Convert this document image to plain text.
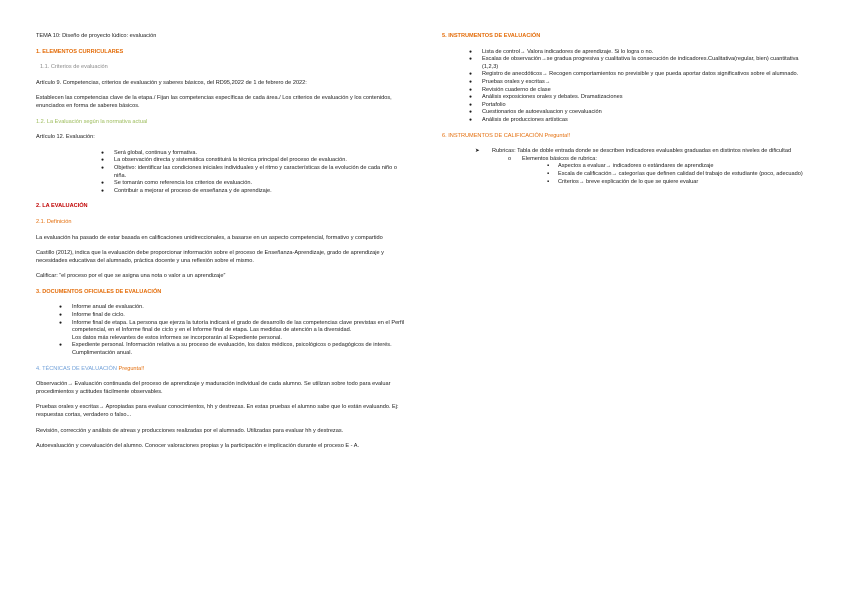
TEMA 10: Diseño de proyecto lúdico: evaluación

1. ELEMENTOS CURRICULARES

1.1. Criterios de evaluación

Artículo 9. Competencias, criterios de evaluación y saberes básicos, del RD95,2022 de 1 de febrero de 2022:

Establecen las competencias clave de la etapa./ Fijan las competencias específicas de cada área./ Los criterios de evaluación y los contenidos, enunciados en forma de saberes básicos.

1.2. La Evaluación según la normativa actual

Artículo 12. Evaluación:

● Será global, continua y formativa.
● La observación directa y sistemática constituirá la técnica principal del proceso de evaluación.
● Objetivo: identificar las condiciones iniciales individuales y el ritmo y características de la evolución de cada niño o niña.
● Se tomarán como referencia los criterios de evaluación.
● Contribuir a mejorar el proceso de enseñanza y de aprendizaje.

2. LA EVALUACIÓN

2.1. Definición

La evaluación ha pasado de estar basada en calificaciones unidireccionales, a basarse en un aspecto competencial, formativo y compartido

Castillo (2012), indica que la evaluación debe proporcionar información sobre el proceso de Enseñanza-Aprendizaje, grado de aprendizaje y necesidades educativas del alumnado, práctica docente y una reflexión sobre el mismo.

Calificar: “el proceso por el que se asigna una nota o valor a un aprendizaje”

3. DOCUMENTOS OFICIALES DE EVALUACIÓN

● Informe anual de evaluación.
● Informe final de ciclo.
● Informe final de etapa. La persona que ejerza la tutoría indicará el grado de desarrollo de las competencias clave previstas en el Perfil competencial, en el Informe final de ciclo y en el Informe final de etapa. Las medidas de atención a la diversidad.
Los datos más relevantes de estos informes se incorporarán al Expediente personal.
● Expediente personal. Información relativa a su proceso de evaluación, los datos médicos, psicológicos o pedagógicos de interés. Cumplimentación anual.

4. TÉCNICAS DE EVALUACIÓN Pregunta!!

Observación→ Evaluación continuada del proceso de aprendizaje y maduración individual de cada alumno. Se utilizan sobre todo para evaluar procedimientos y actitudes fácilmente observables.

Pruebas orales y escritas→ Apropiadas para evaluar conocimientos, hh y destrezas. En estas pruebas el alumno sabe que lo están evaluando. Ej: respuestas cortas, verdadero o falso...

Revisión, corrección y análisis de atreas y producciones realizadas por el alumnado. Utilizadas para evaluar hh y destrezas.

Autoevaluación y coevaluación del alumno. Conocer valoraciones propias y la participación e implicación durante el proceso E - A.

5. INSTRUMENTOS DE EVALUACIÓN

● Lista de control→ Valora indicadores de aprendizaje. Si lo logra o no.
● Escalas de observación→se gradua progresiva y cualitativa la consecución de indicadores.Cualitativa(regular, bien) cuantitativa (1,2,3)
● Registro de anecdóticos→ Recogen comportamientos no previsible y que pueda aportar datos significativos sobre el alumnado.
● Pruebas orales y escritas→
● Revisión cuaderno de clase
● Análisis exposiciones orales y debates. Dramatizaciones
● Portafolio
● Cuestionarios de autoevaluacion y coevaluación
● Análisis de producciones artísticas

6. INSTRUMENTOS DE CALIFICACIÓN Pregunta!!

➤ Rubricas: Tabla de doble entrada donde se describen indicadores evaluables graduadas en distintos niveles de dificultad
o Elementos básicos de rubrica:
▪ Aspectos a evaluar→ indicadores o estándares de aprendizaje
▪ Escala de calificación→ categorías que definen calidad del trabajo de estudiante (poco, adecuado)
▪ Criterios→ breve explicación de lo que se quiere evaluar
